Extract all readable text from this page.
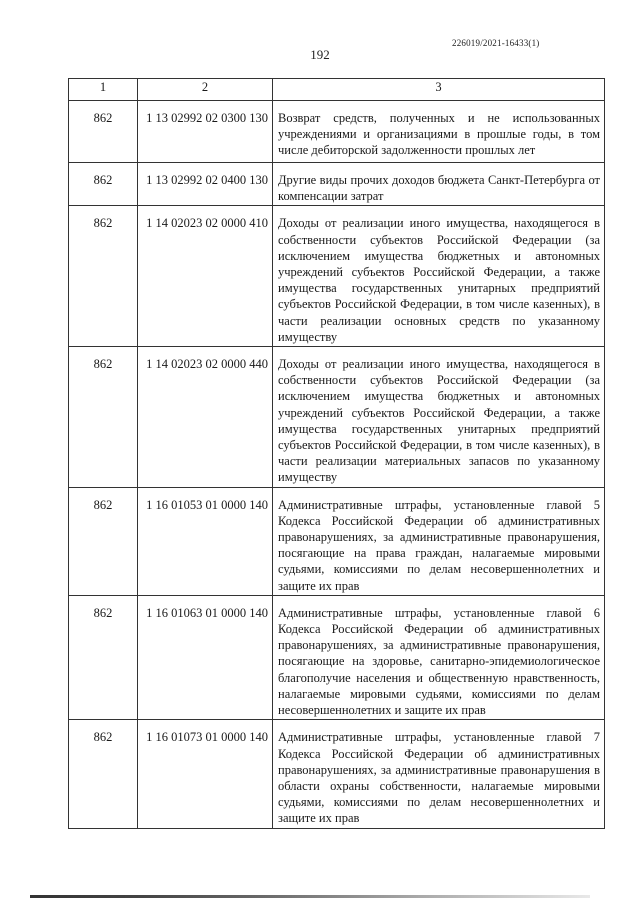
226019/2021-16433(1)
192
1	2	3
862	1 13 02992 02 0300 130	Возврат средств, полученных и не использованных учреждениями и организациями в прошлые годы, в том числе дебиторской задолженности прошлых лет
862	1 13 02992 02 0400 130	Другие виды прочих доходов бюджета Санкт-Петербурга от компенсации затрат
862	1 14 02023 02 0000 410	Доходы от реализации иного имущества, находящегося в собственности субъектов Российской Федерации (за исключением имущества бюджетных и автономных учреждений субъектов Российской Федерации, а также имущества государственных унитарных предприятий субъектов Российской Федерации, в том числе казенных), в части реализации основных средств по указанному имуществу
862	1 14 02023 02 0000 440	Доходы от реализации иного имущества, находящегося в собственности субъектов Российской Федерации (за исключением имущества бюджетных и автономных учреждений субъектов Российской Федерации, а также имущества государственных унитарных предприятий субъектов Российской Федерации, в том числе казенных), в части реализации материальных запасов по указанному имуществу
862	1 16 01053 01 0000 140	Административные штрафы, установленные главой 5 Кодекса Российской Федерации об административных правонарушениях, за административные правонарушения, посягающие на права граждан, налагаемые мировыми судьями, комиссиями по делам несовершеннолетних и защите их прав
862	1 16 01063 01 0000 140	Административные штрафы, установленные главой 6 Кодекса Российской Федерации об административных правонарушениях, за административные правонарушения, посягающие на здоровье, санитарно-эпидемиологическое благополучие населения и общественную нравственность, налагаемые мировыми судьями, комиссиями по делам несовершеннолетних и защите их прав
862	1 16 01073 01 0000 140	Административные штрафы, установленные главой 7 Кодекса Российской Федерации об административных правонарушениях, за административные правонарушения в области охраны собственности, налагаемые мировыми судьями, комиссиями по делам несовершеннолетних и защите их прав
